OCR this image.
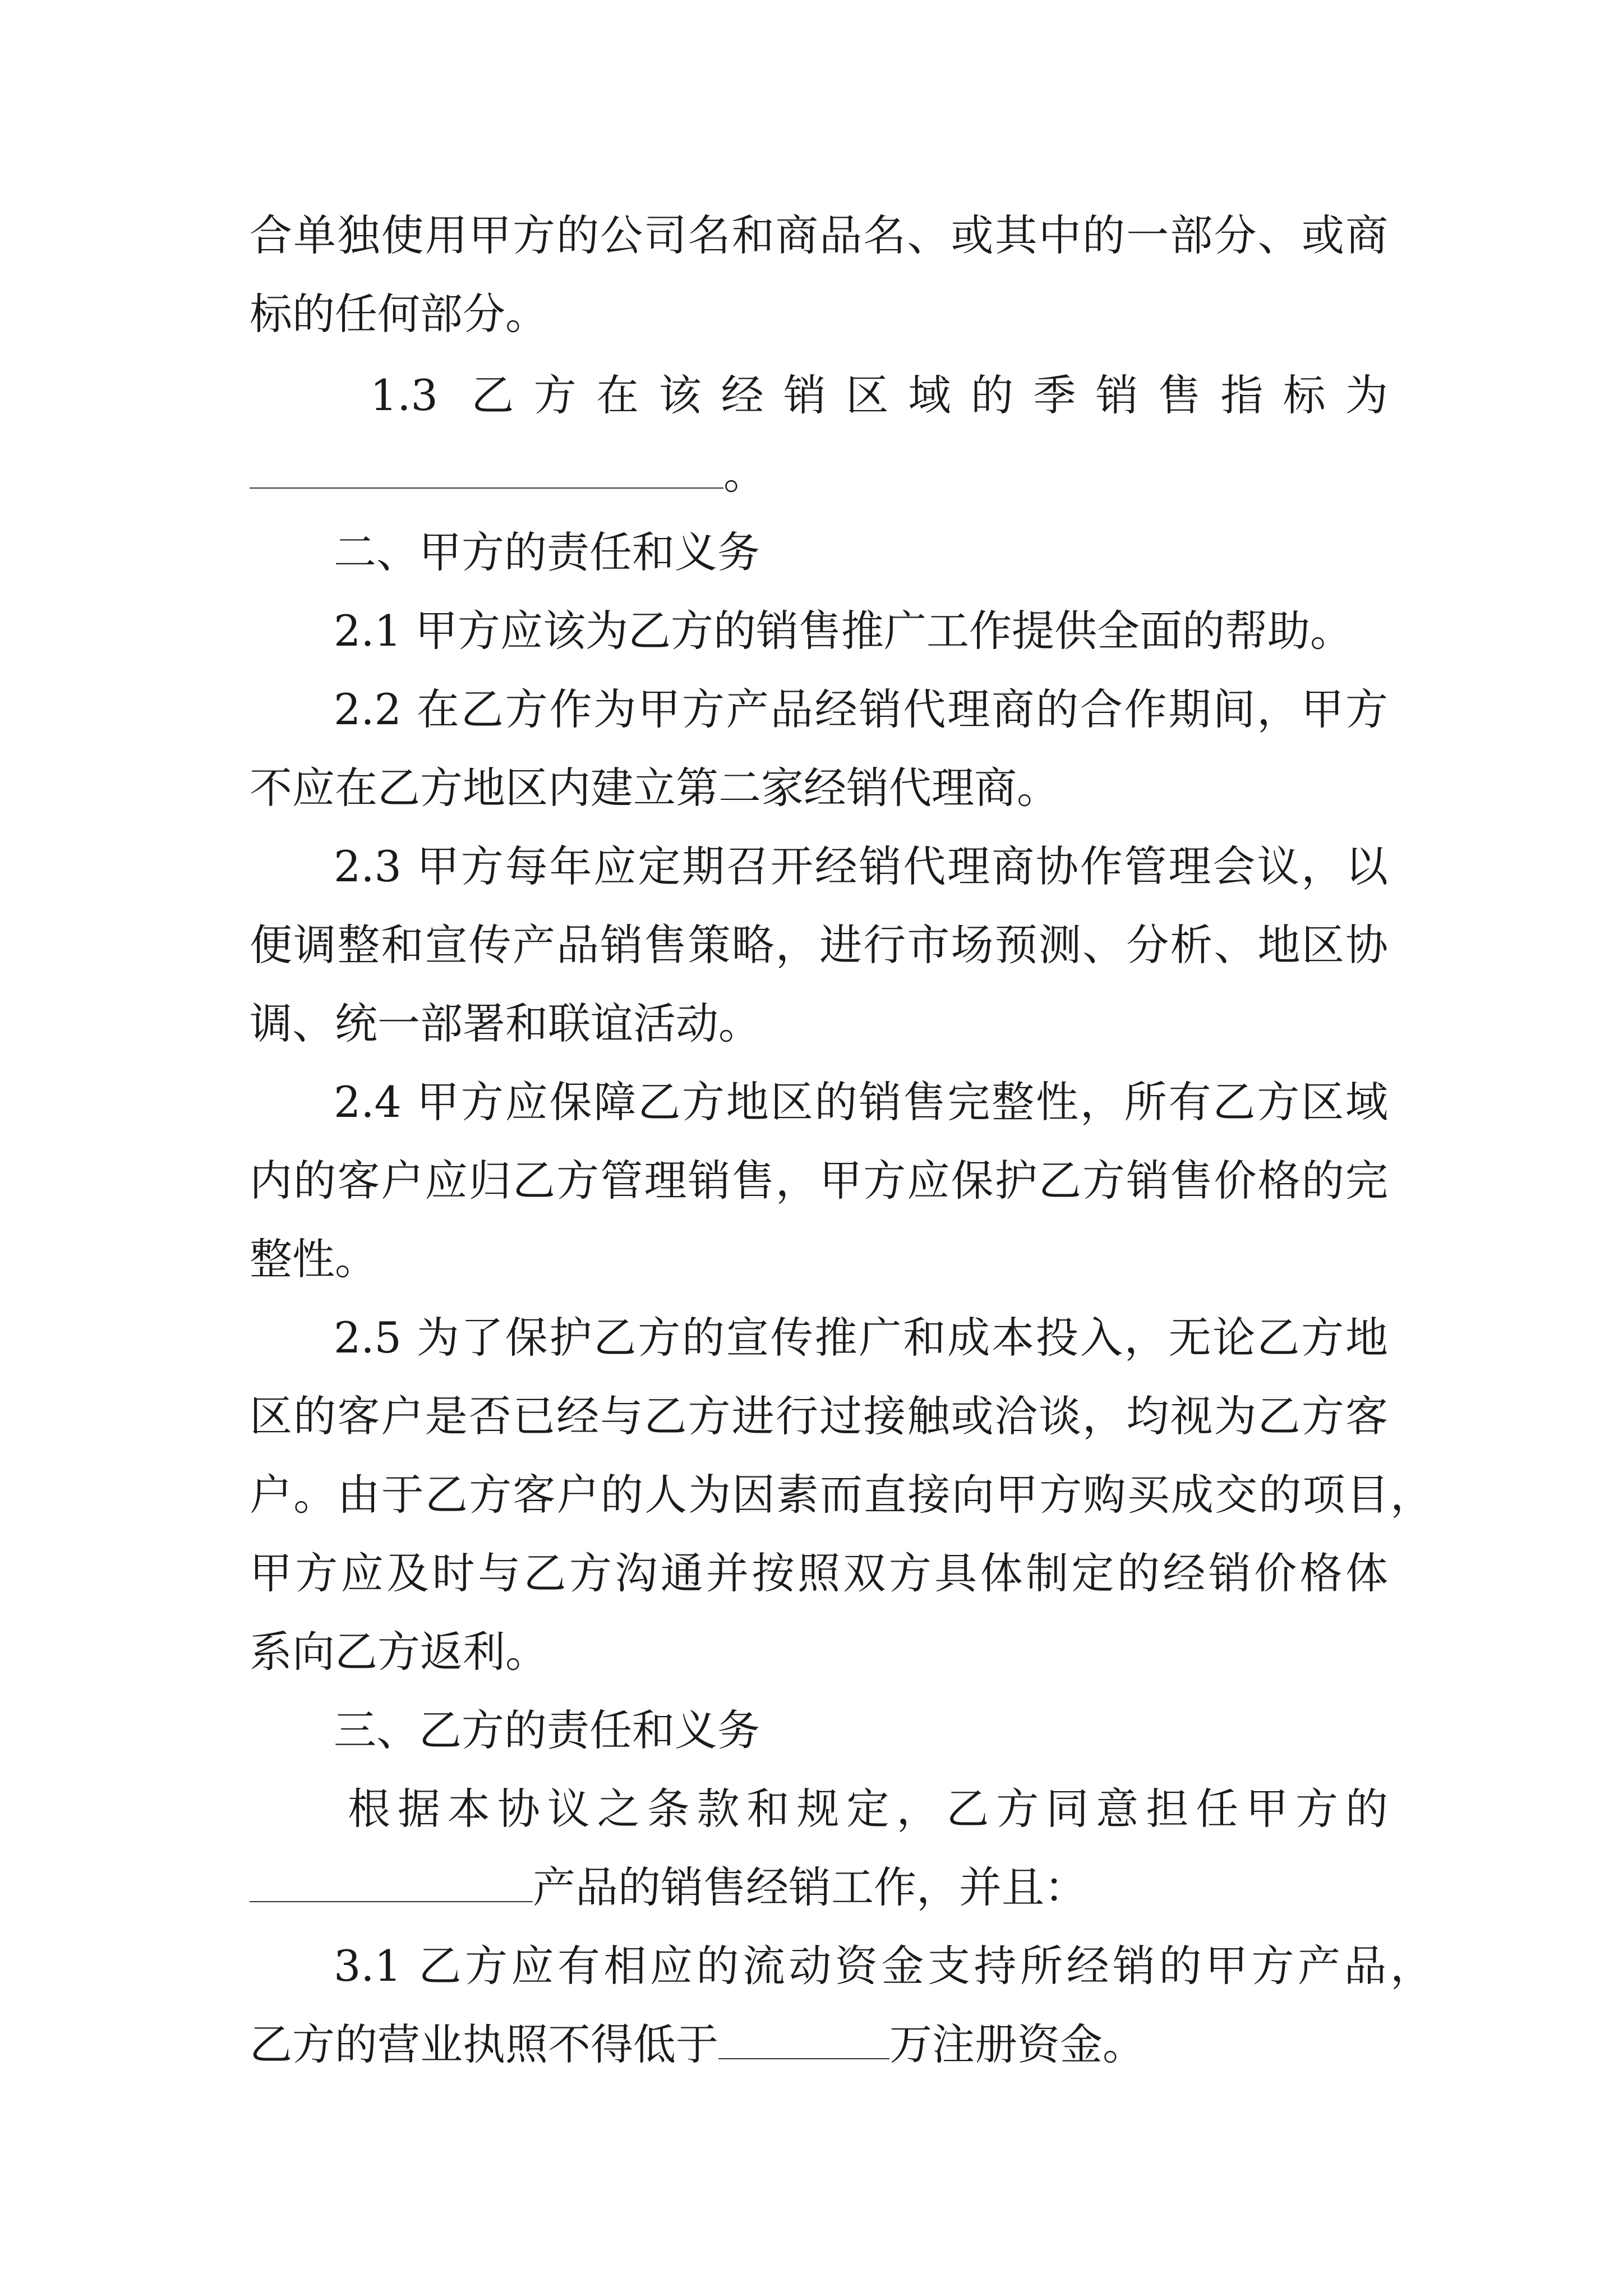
合单独使用甲方的公司名和商品名、或其中的一部分、或商
标的任何部分。
1.3 乙方在该经销区域的季销售指标为
。
二、甲方的责任和义务
2.1 甲方应该为乙方的销售推广工作提供全面的帮助。
2.2 在乙方作为甲方产品经销代理商的合作期间，甲方
不应在乙方地区内建立第二家经销代理商。
2.3 甲方每年应定期召开经销代理商协作管理会议，以
便调整和宣传产品销售策略，进行市场预测、分析、地区协
调、统一部署和联谊活动。
2.4 甲方应保障乙方地区的销售完整性，所有乙方区域
内的客户应归乙方管理销售，甲方应保护乙方销售价格的完
整性。
2.5 为了保护乙方的宣传推广和成本投入，无论乙方地
区的客户是否已经与乙方进行过接触或洽谈，均视为乙方客
户。由于乙方客户的人为因素而直接向甲方购买成交的项目，
甲方应及时与乙方沟通并按照双方具体制定的经销价格体
系向乙方返利。
三、乙方的责任和义务
根据本协议之条款和规定，乙方同意担任甲方的
产品的销售经销工作，并且：
3.1 乙方应有相应的流动资金支持所经销的甲方产品，
乙方的营业执照不得低于	万注册资金。
